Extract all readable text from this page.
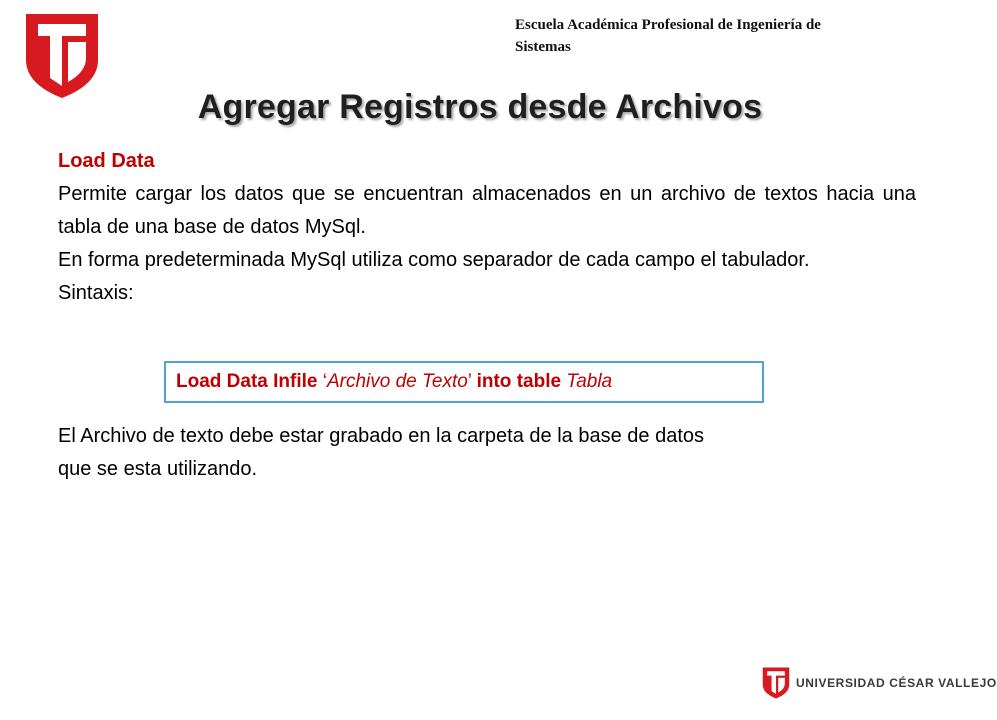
Escuela Académica Profesional de Ingeniería de
Sistemas
Agregar Registros desde Archivos

Load Data

Permite cargar los datos que se encuentran almacenados en un archivo de textos hacia una tabla de una base de datos MySql.

En forma predeterminada MySql utiliza como separador de cada campo el tabulador.

Sintaxis:

Load Data Infile ‘Archivo de Texto’ into table Tabla

El Archivo de texto debe estar grabado en la carpeta de la base de datos

que se esta utilizando.

UNIVERSIDAD CÉSAR VALLEJO
